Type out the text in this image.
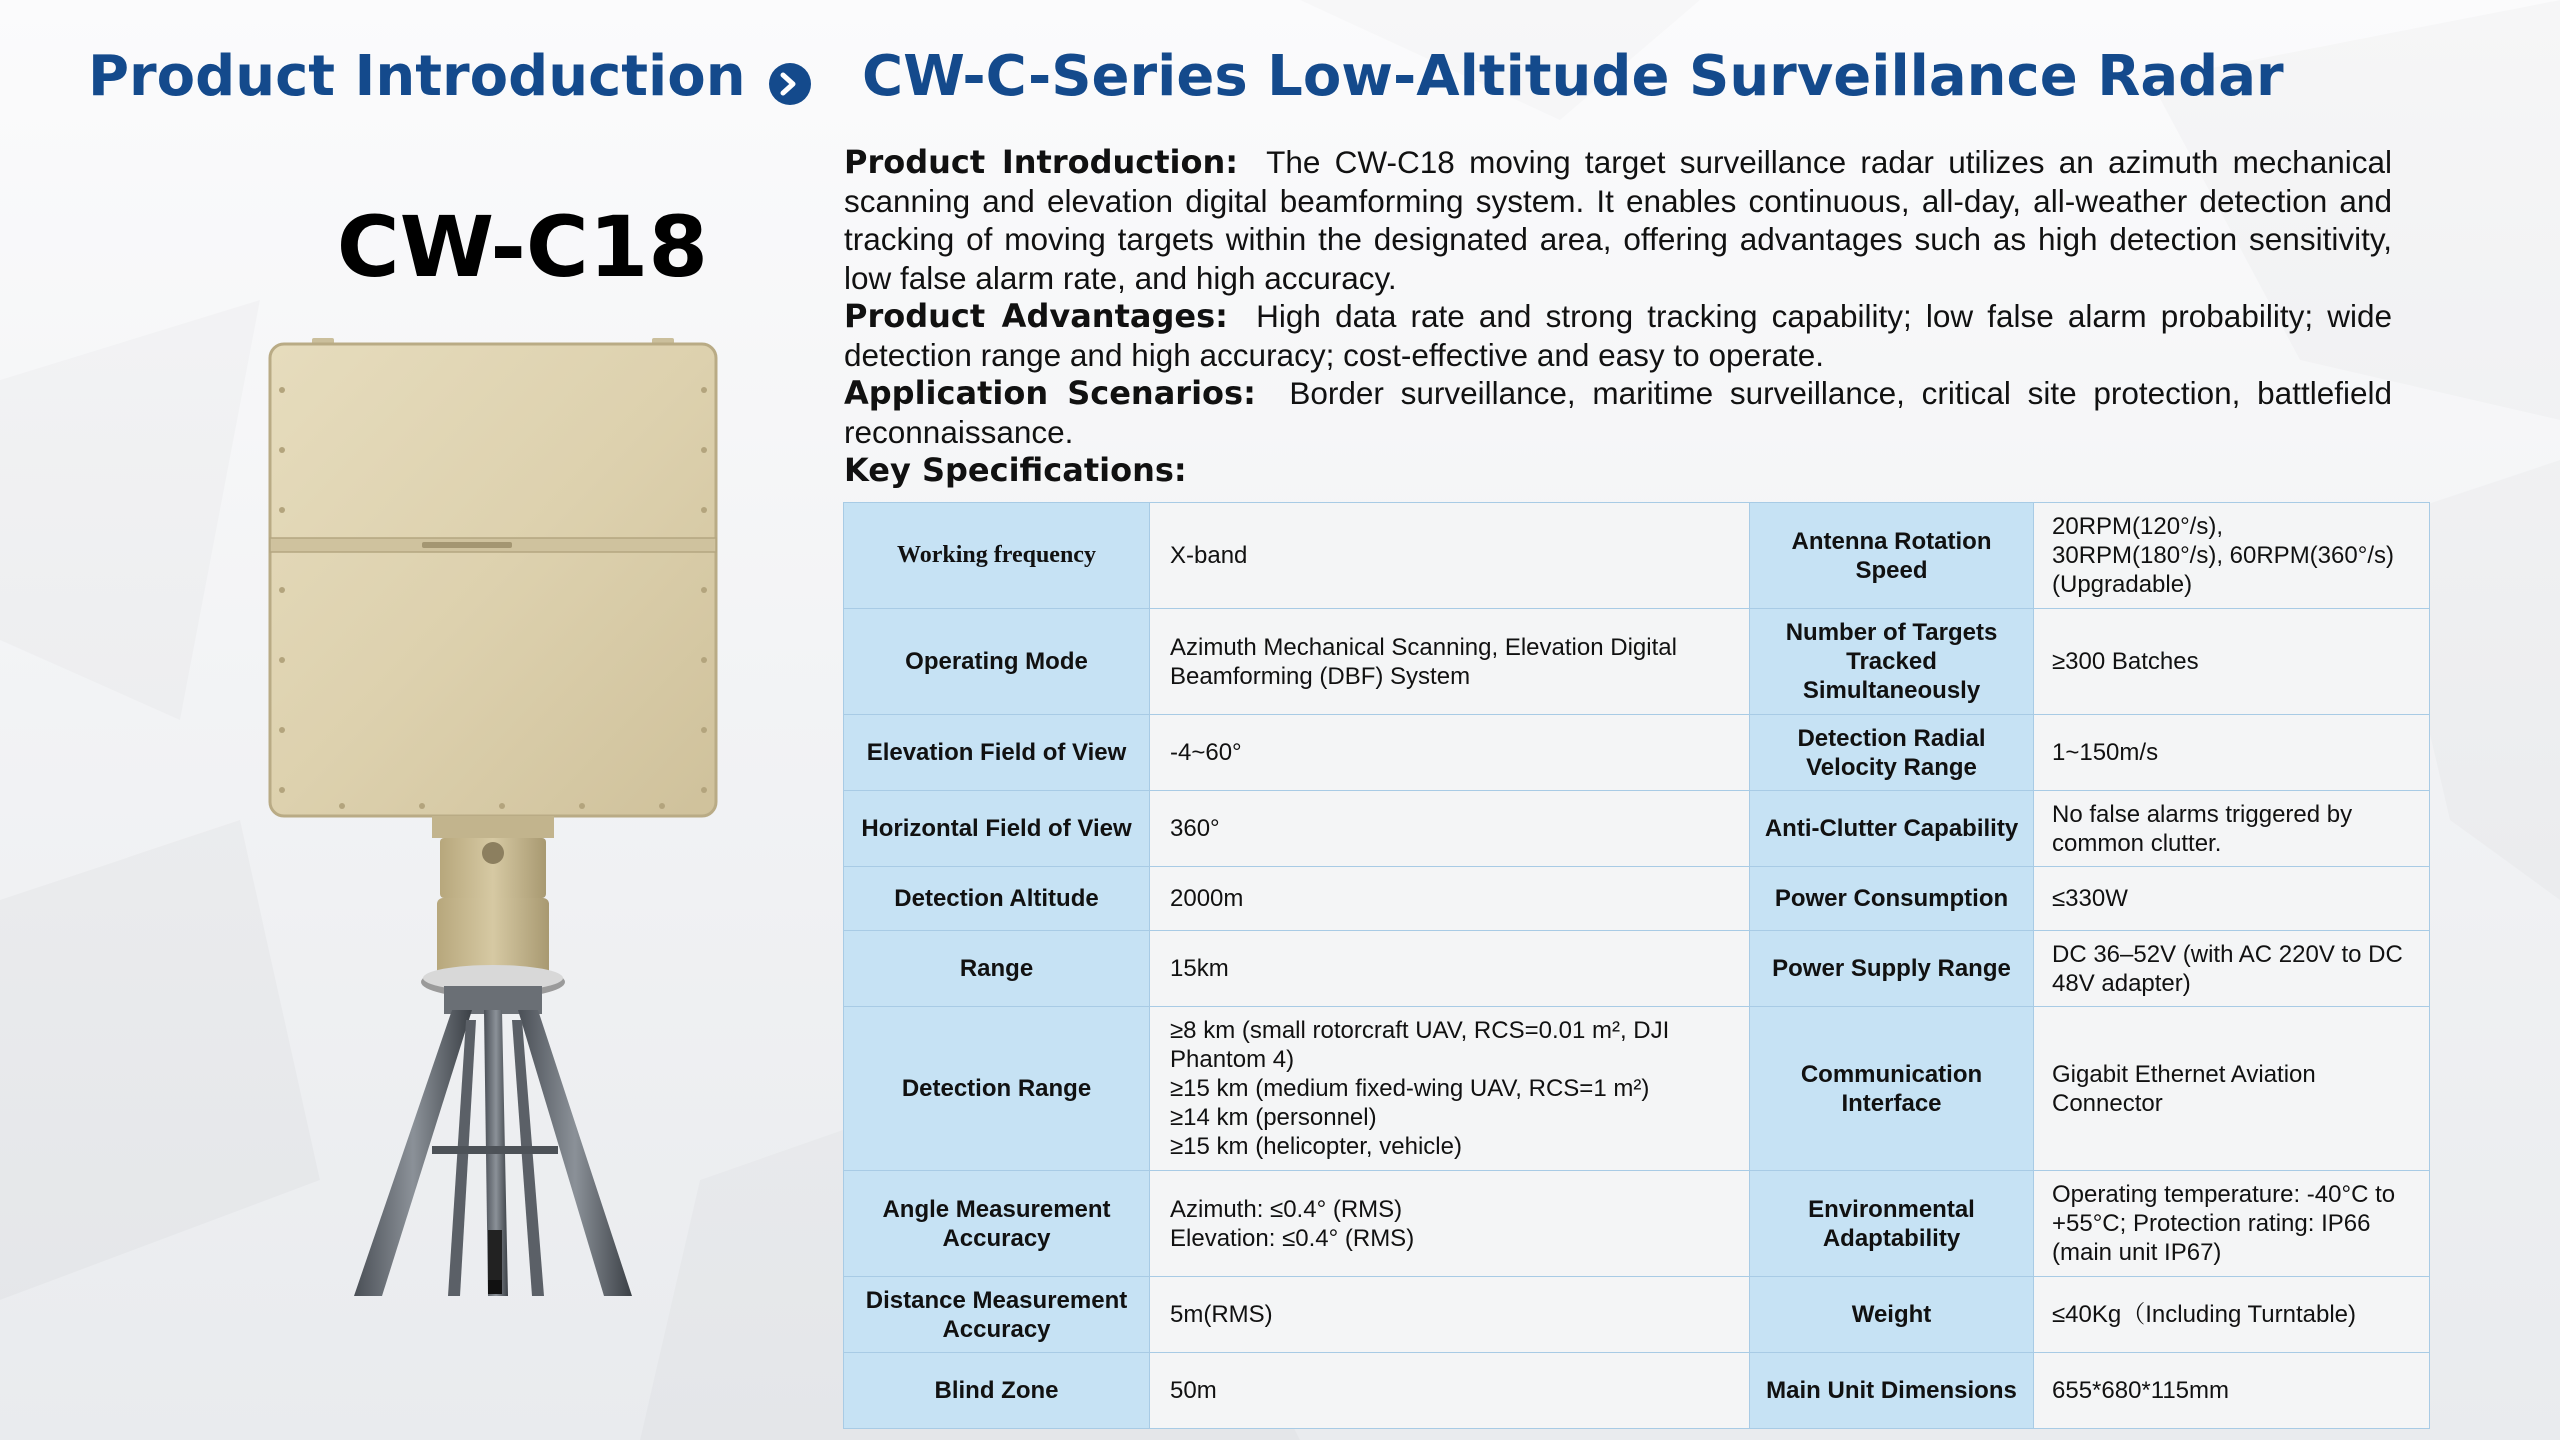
Product Introduction CW-C-Series Low-Altitude Surveillance Radar
CW-C18

Product Introduction: The CW-C18 moving target surveillance radar utilizes an azimuth mechanical scanning and elevation digital beamforming system. It enables continuous, all-day, all-weather detection and tracking of moving targets within the designated area, offering advantages such as high detection sensitivity, low false alarm rate, and high accuracy.

Product Advantages: High data rate and strong tracking capability; low false alarm probability; wide detection range and high accuracy; cost-effective and easy to operate.

Application Scenarios: Border surveillance, maritime surveillance, critical site protection, battlefield reconnaissance.

Key Specifications:

Working frequency	X-band	Antenna Rotation Speed	20RPM(120°/s),
30RPM(180°/s), 60RPM(360°/s)
(Upgradable)
Operating Mode	Azimuth Mechanical Scanning, Elevation Digital Beamforming (DBF) System	Number of Targets Tracked Simultaneously	≥300 Batches
Elevation Field of View	-4~60°	Detection Radial Velocity Range	1~150m/s
Horizontal Field of View	360°	Anti-Clutter Capability	No false alarms triggered by common clutter.
Detection Altitude	2000m	Power Consumption	≤330W
Range	15km	Power Supply Range	DC 36–52V (with AC 220V to DC 48V adapter)
Detection Range	≥8 km (small rotorcraft UAV, RCS=0.01 m², DJI Phantom 4)
≥15 km (medium fixed-wing UAV, RCS=1 m²)
≥14 km (personnel)
≥15 km (helicopter, vehicle)	Communication Interface	Gigabit Ethernet Aviation Connector
Angle Measurement Accuracy	Azimuth: ≤0.4° (RMS)
Elevation: ≤0.4° (RMS)	Environmental Adaptability	Operating temperature: -40°C to +55°C; Protection rating: IP66 (main unit IP67)
Distance Measurement Accuracy	5m(RMS)	Weight	≤40Kg（Including Turntable)
Blind Zone	50m	Main Unit Dimensions	655*680*115mm
